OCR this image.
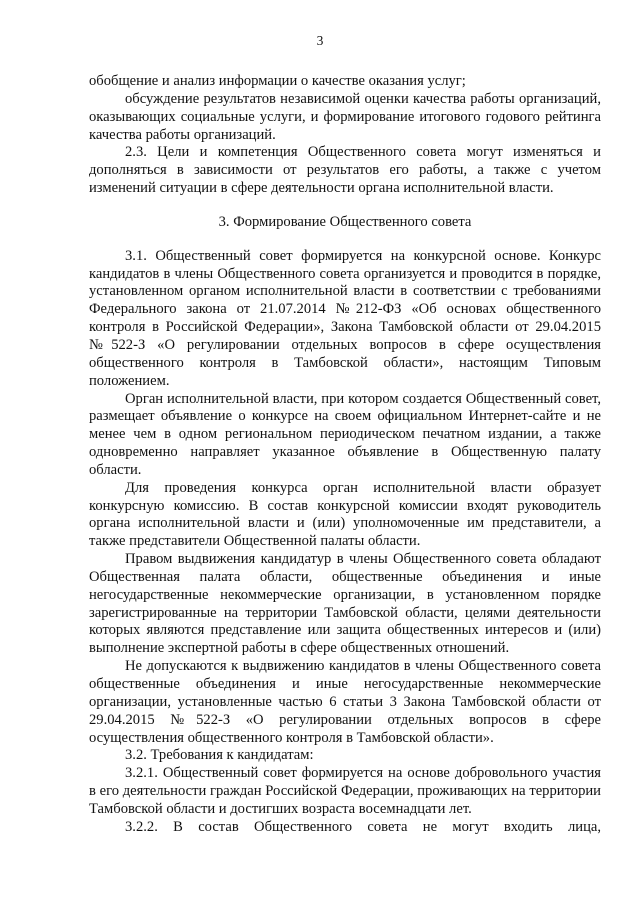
3
обобщение и анализ информации о качестве оказания услуг;
обсуждение результатов независимой оценки качества работы организаций, оказывающих социальные услуги, и формирование итогового годового рейтинга качества работы организаций.
2.3. Цели и компетенция Общественного совета могут изменяться и дополняться в зависимости от результатов его работы, а также с учетом изменений ситуации в сфере деятельности органа исполнительной власти.
3. Формирование Общественного совета
3.1. Общественный совет формируется на конкурсной основе. Конкурс кандидатов в члены Общественного совета организуется и проводится в порядке, установленном органом исполнительной власти в соответствии с требованиями Федерального закона от 21.07.2014 №212-ФЗ «Об основах общественного контроля в Российской Федерации», Закона Тамбовской области от 29.04.2015 №522-З «О регулировании отдельных вопросов в сфере осуществления общественного контроля в Тамбовской области», настоящим Типовым положением.
Орган исполнительной власти, при котором создается Общественный совет, размещает объявление о конкурсе на своем официальном Интернет-сайте и не менее чем в одном региональном периодическом печатном издании, а также одновременно направляет указанное объявление в Общественную палату области.
Для проведения конкурса орган исполнительной власти образует конкурсную комиссию. В состав конкурсной комиссии входят руководитель органа исполнительной власти и (или) уполномоченные им представители, а также представители Общественной палаты области.
Правом выдвижения кандидатур в члены Общественного совета обладают Общественная палата области, общественные объединения и иные негосударственные некоммерческие организации, в установленном порядке зарегистрированные на территории Тамбовской области, целями деятельности которых являются представление или защита общественных интересов и (или) выполнение экспертной работы в сфере общественных отношений.
Не допускаются к выдвижению кандидатов в члены Общественного совета общественные объединения и иные негосударственные некоммерческие организации, установленные частью 6 статьи 3 Закона Тамбовской области от 29.04.2015 №522-З «О регулировании отдельных вопросов в сфере осуществления общественного контроля в Тамбовской области».
3.2. Требования к кандидатам:
3.2.1. Общественный совет формируется на основе добровольного участия в его деятельности граждан Российской Федерации, проживающих на территории Тамбовской области и достигших возраста восемнадцати лет.
3.2.2. В состав Общественного совета не могут входить лица,
